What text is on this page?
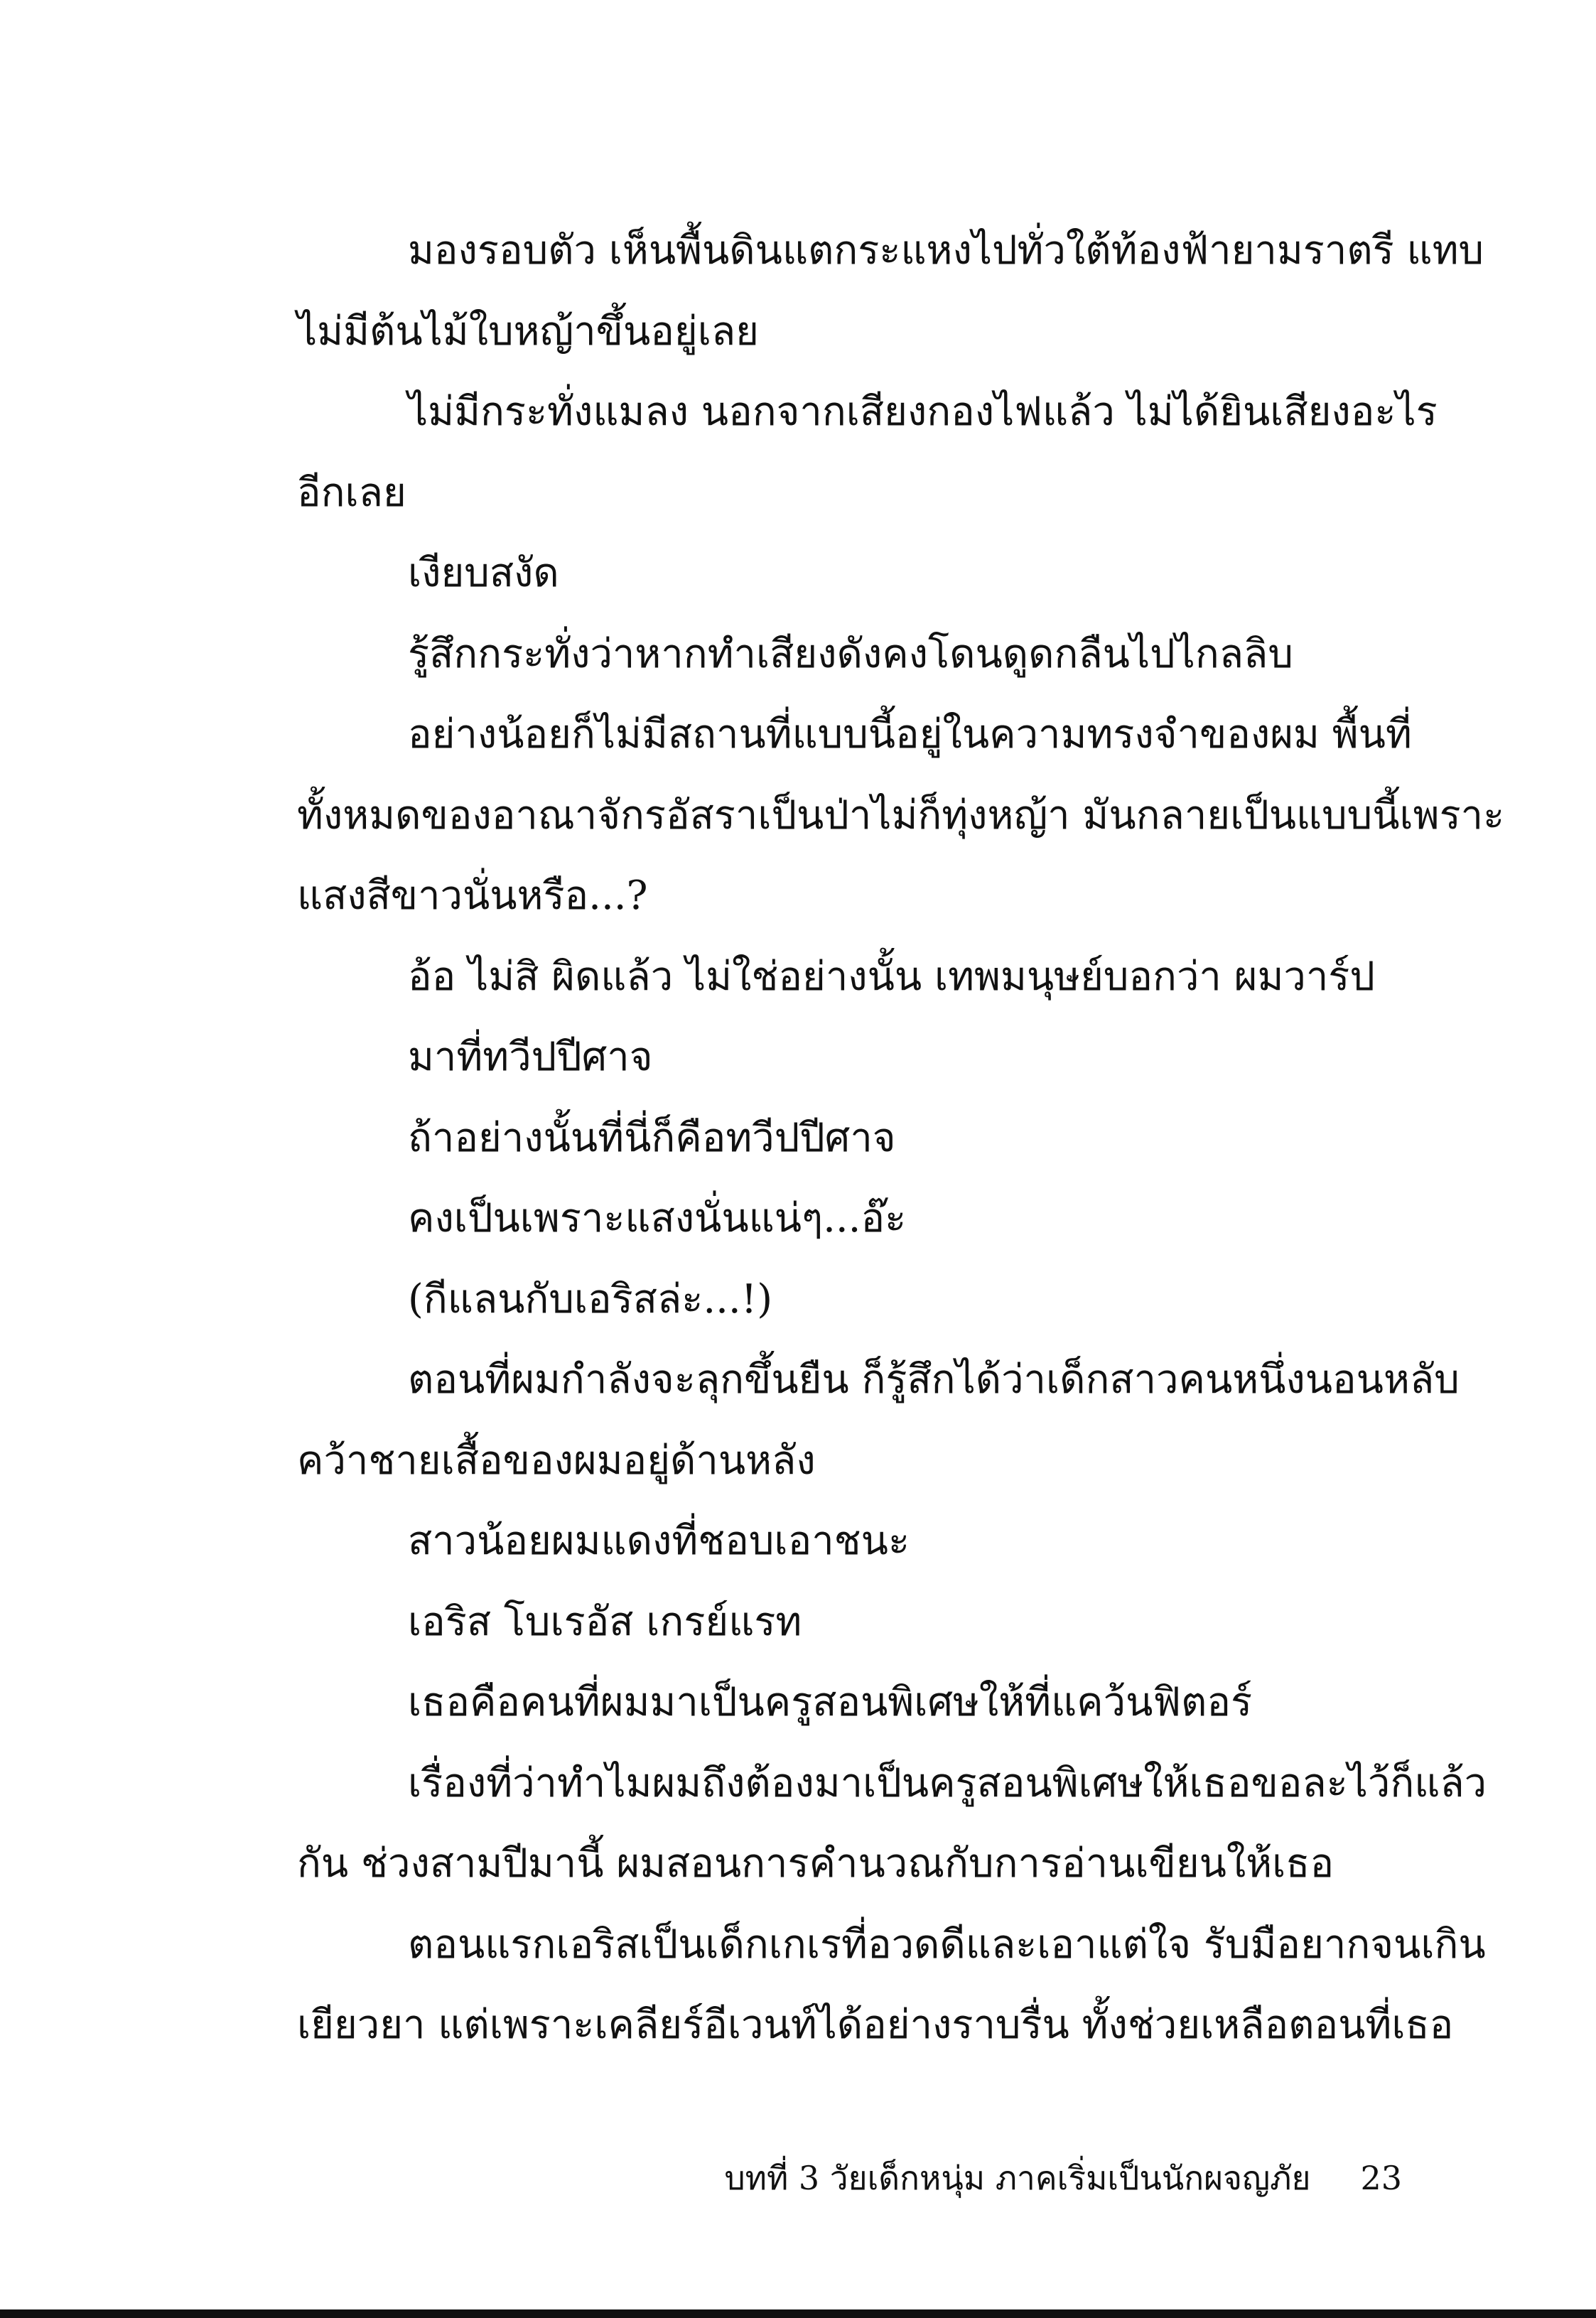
มองรอบตัว เห็นพื้นดินแตกระแหงไปทั่วใต้ท้องฟ้ายามราตรี แทบ
ไม่มีต้นไม้ใบหญ้าขึ้นอยู่เลย
ไม่มีกระทั่งแมลง นอกจากเสียงกองไฟแล้ว ไม่ได้ยินเสียงอะไร
อีกเลย
เงียบสงัด
รู้สึกกระทั่งว่าหากทำเสียงดังคงโดนดูดกลืนไปไกลลิบ
อย่างน้อยก็ไม่มีสถานที่แบบนี้อยู่ในความทรงจำของผม พื้นที่
ทั้งหมดของอาณาจักรอัสราเป็นป่าไม่ก็ทุ่งหญ้า มันกลายเป็นแบบนี้เพราะ
แสงสีขาวนั่นหรือ...?
อ้อ ไม่สิ ผิดแล้ว ไม่ใช่อย่างนั้น เทพมนุษย์บอกว่า ผมวาร์ป
มาที่ทวีปปีศาจ
ถ้าอย่างนั้นที่นี่ก็คือทวีปปีศาจ
คงเป็นเพราะแสงนั่นแน่ๆ...อ๊ะ
(กีแลนกับเอริสล่ะ...!)
ตอนที่ผมกำลังจะลุกขึ้นยืน ก็รู้สึกได้ว่าเด็กสาวคนหนึ่งนอนหลับ
คว้าชายเสื้อของผมอยู่ด้านหลัง
สาวน้อยผมแดงที่ชอบเอาชนะ
เอริส โบเรอัส เกรย์แรท
เธอคือคนที่ผมมาเป็นครูสอนพิเศษให้ที่แคว้นฟิตอร์
เรื่องที่ว่าทำไมผมถึงต้องมาเป็นครูสอนพิเศษให้เธอขอละไว้ก็แล้ว
กัน ช่วงสามปีมานี้ ผมสอนการคำนวณกับการอ่านเขียนให้เธอ
ตอนแรกเอริสเป็นเด็กเกเรที่อวดดีและเอาแต่ใจ รับมือยากจนเกิน
เยียวยา แต่เพราะเคลียร์อีเวนท์ได้อย่างราบรื่น ทั้งช่วยเหลือตอนที่เธอ
บทที่ 3 วัยเด็กหนุ่ม ภาคเริ่มเป็นนักผจญภัย 23
